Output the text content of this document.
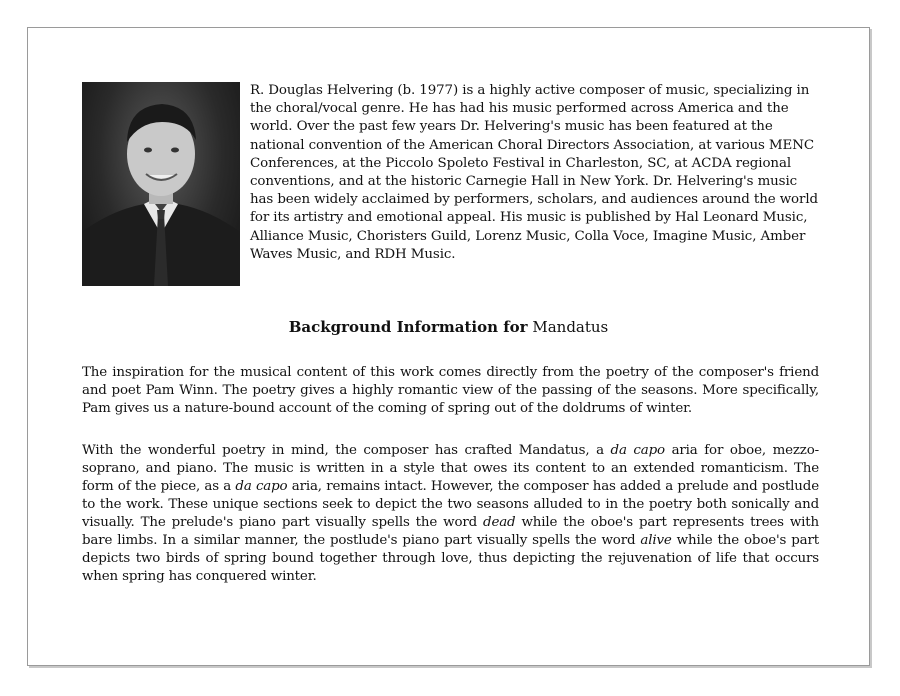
R. Douglas Helvering (b. 1977) is a highly active composer of music, specializing in the choral/vocal genre. He has had his music performed across America and the world. Over the past few years Dr. Helvering's music has been featured at the national convention of the American Choral Directors Association, at various MENC Conferences, at the Piccolo Spoleto Festival in Charleston, SC, at ACDA regional conventions, and at the historic Carnegie Hall in New York. Dr. Helvering's music has been widely acclaimed by performers, scholars, and audiences around the world for its artistry and emotional appeal. His music is published by Hal Leonard Music, Alliance Music, Choristers Guild, Lorenz Music, Colla Voce, Imagine Music, Amber Waves Music, and RDH Music.

Background Information for Mandatus

The inspiration for the musical content of this work comes directly from the poetry of the composer's friend and poet Pam Winn. The poetry gives a highly romantic view of the passing of the seasons. More specifically, Pam gives us a nature-bound account of the coming of spring out of the doldrums of winter.

With the wonderful poetry in mind, the composer has crafted Mandatus, a da capo aria for oboe, mezzo-soprano, and piano. The music is written in a style that owes its content to an extended romanticism. The form of the piece, as a da capo aria, remains intact. However, the composer has added a prelude and postlude to the work. These unique sections seek to depict the two seasons alluded to in the poetry both sonically and visually. The prelude's piano part visually spells the word dead while the oboe's part represents trees with bare limbs. In a similar manner, the postlude's piano part visually spells the word alive while the oboe's part depicts two birds of spring bound together through love, thus depicting the rejuvenation of life that occurs when spring has conquered winter.
